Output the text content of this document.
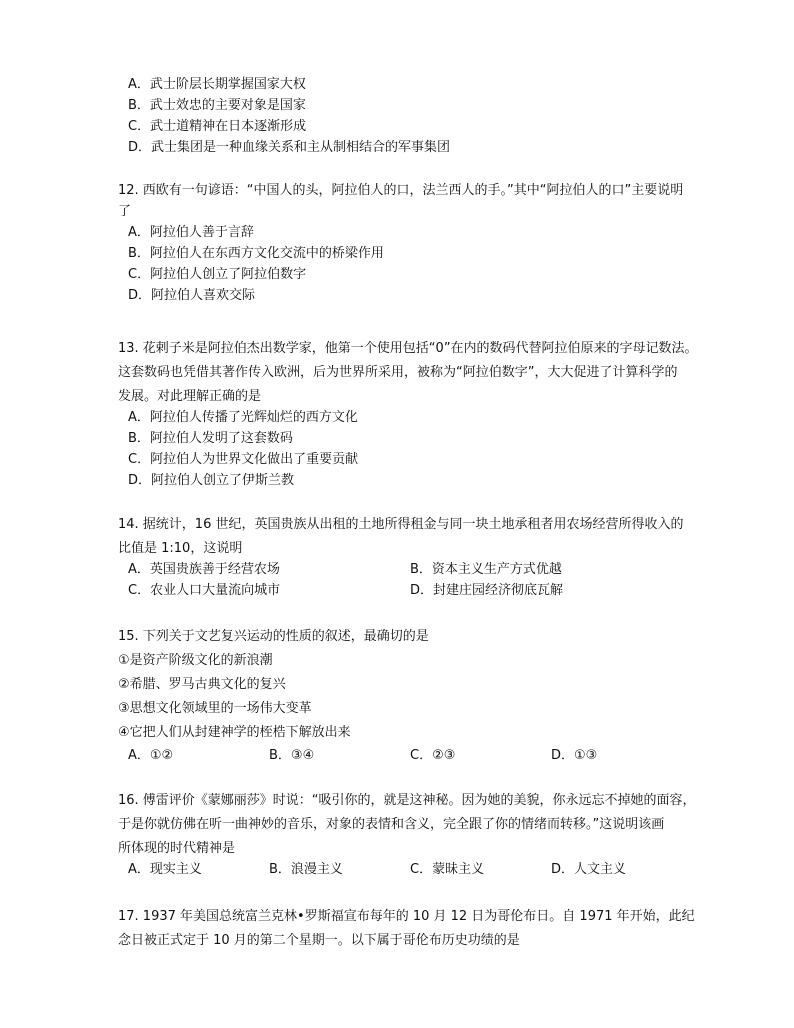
A．武士阶层长期掌握国家大权
B．武士效忠的主要对象是国家
C．武士道精神在日本逐渐形成
D．武士集团是一种血缘关系和主从制相结合的军事集团
12. 西欧有一句谚语：“中国人的头，阿拉伯人的口，法兰西人的手。”其中“阿拉伯人的口”主要说明
了
A．阿拉伯人善于言辞
B．阿拉伯人在东西方文化交流中的桥梁作用
C．阿拉伯人创立了阿拉伯数字
D．阿拉伯人喜欢交际
13. 花剌子米是阿拉伯杰出数学家，他第一个使用包括“0”在内的数码代替阿拉伯原来的字母记数法。
这套数码也凭借其著作传入欧洲，后为世界所采用，被称为“阿拉伯数字”，大大促进了计算科学的
发展。对此理解正确的是
A．阿拉伯人传播了光辉灿烂的西方文化
B．阿拉伯人发明了这套数码
C．阿拉伯人为世界文化做出了重要贡献
D．阿拉伯人创立了伊斯兰教
14. 据统计，16 世纪，英国贵族从出租的土地所得租金与同一块土地承租者用农场经营所得收入的
比值是 1:10，这说明
A．英国贵族善于经营农场	B．资本主义生产方式优越
C．农业人口大量流向城市	D．封建庄园经济彻底瓦解
15. 下列关于文艺复兴运动的性质的叙述，最确切的是
①是资产阶级文化的新浪潮
②希腊、罗马古典文化的复兴
③思想文化领域里的一场伟大变革
④它把人们从封建神学的桎梏下解放出来
A．①②	B．③④	C．②③	D．①③
16. 傅雷评价《蒙娜丽莎》时说：“吸引你的，就是这神秘。因为她的美貌，你永远忘不掉她的面容，
于是你就仿佛在听一曲神妙的音乐，对象的表情和含义，完全跟了你的情绪而转移。”这说明该画
所体现的时代精神是
A．现实主义	B．浪漫主义	C．蒙昧主义	D．人文主义
17. 1937 年美国总统富兰克林•罗斯福宣布每年的 10 月 12 日为哥伦布日。自 1971 年开始，此纪
念日被正式定于 10 月的第二个星期一。以下属于哥伦布历史功绩的是
